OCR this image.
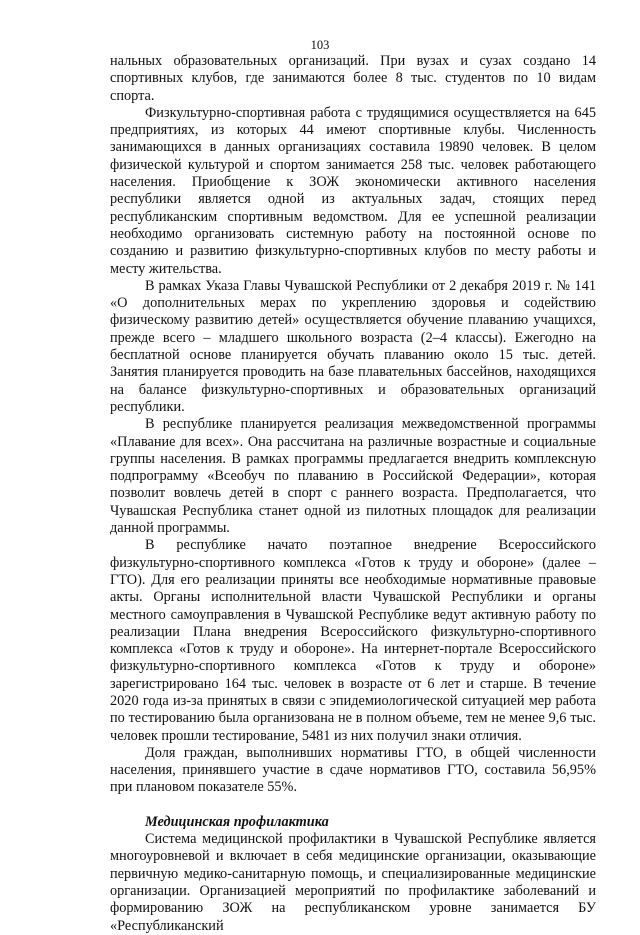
103

нальных образовательных организаций. При вузах и сузах создано 14 спортивных клубов, где занимаются более 8 тыс. студентов по 10 видам спорта.

Физкультурно-спортивная работа с трудящимися осуществляется на 645 предприятиях, из которых 44 имеют спортивные клубы. Численность занимающихся в данных организациях составила 19890 человек. В целом физической культурой и спортом занимается 258 тыс. человек работающего населения. Приобщение к ЗОЖ экономически активного населения республики является одной из актуальных задач, стоящих перед республиканским спортивным ведомством. Для ее успешной реализации необходимо организовать системную работу на постоянной основе по созданию и развитию физкультурно-спортивных клубов по месту работы и месту жительства.

В рамках Указа Главы Чувашской Республики от 2 декабря 2019 г. № 141 «О дополнительных мерах по укреплению здоровья и содействию физическому развитию детей» осуществляется обучение плаванию учащихся, прежде всего – младшего школьного возраста (2–4 классы). Ежегодно на бесплатной основе планируется обучать плаванию около 15 тыс. детей. Занятия планируется проводить на базе плавательных бассейнов, находящихся на балансе физкультурно-спортивных и образовательных организаций республики.

В республике планируется реализация межведомственной программы «Плавание для всех». Она рассчитана на различные возрастные и социальные группы населения. В рамках программы предлагается внедрить комплексную подпрограмму «Всеобуч по плаванию в Российской Федерации», которая позволит вовлечь детей в спорт с раннего возраста. Предполагается, что Чувашская Республика станет одной из пилотных площадок для реализации данной программы.

В республике начато поэтапное внедрение Всероссийского физкультурно-спортивного комплекса «Готов к труду и обороне» (далее – ГТО). Для его реализации приняты все необходимые нормативные правовые акты. Органы исполнительной власти Чувашской Республики и органы местного самоуправления в Чувашской Республике ведут активную работу по реализации Плана внедрения Всероссийского физкультурно-спортивного комплекса «Готов к труду и обороне». На интернет-портале Всероссийского физкультурно-спортивного комплекса «Готов к труду и обороне» зарегистрировано 164 тыс. человек в возрасте от 6 лет и старше. В течение 2020 года из-за принятых в связи с эпидемиологической ситуацией мер работа по тестированию была организована не в полном объеме, тем не менее 9,6 тыс. человек прошли тестирование, 5481 из них получил знаки отличия.

Доля граждан, выполнивших нормативы ГТО, в общей численности населения, принявшего участие в сдаче нормативов ГТО, составила 56,95% при плановом показателе 55%.

Медицинская профилактика

Система медицинской профилактики в Чувашской Республике является многоуровневой и включает в себя медицинские организации, оказывающие первичную медико-санитарную помощь, и специализированные медицинские организации. Организацией мероприятий по профилактике заболеваний и формированию ЗОЖ на республиканском уровне занимается БУ «Республиканский
